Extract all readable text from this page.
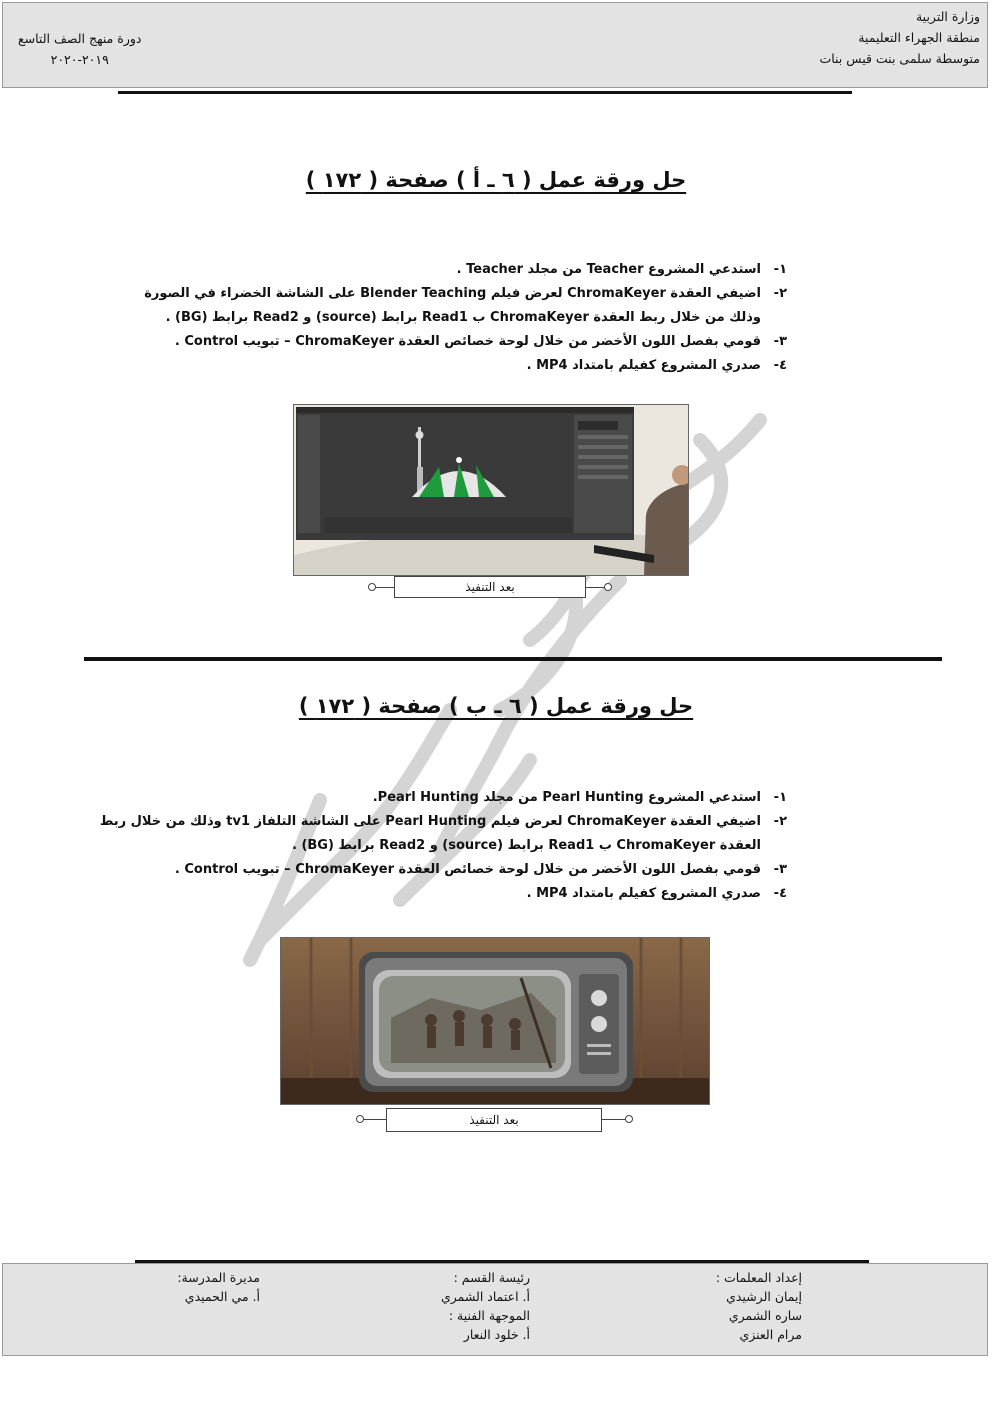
وزارة التربية
منطقة الجهراء التعليمية
متوسطة سلمى بنت قيس بنات
دورة منهج الصف التاسع
٢٠١٩-٢٠٢٠
حل ورقة عمل ( ٦ ـ أ ) صفحة ( ١٧٢ )
١-استدعي المشروع Teacher من مجلد Teacher .
٢-اضيفي العقدة ChromaKeyer لعرض فيلم Blender Teaching على الشاشة الخضراء في الصورة
وذلك من خلال ربط العقدة ChromaKeyer ب Read1 برابط (source) و Read2 برابط (BG) .
٣-قومي بفصل اللون الأخضر من خلال لوحة خصائص العقدة ChromaKeyer – تبويب Control .
٤-صدري المشروع كفيلم بامتداد MP4 .
بعد التنفيذ
حل ورقة عمل ( ٦ ـ ب ) صفحة ( ١٧٢ )
١-استدعي المشروع Pearl Hunting من مجلد Pearl Hunting.
٢-اضيفي العقدة ChromaKeyer لعرض فيلم Pearl Hunting على الشاشة التلفاز tv1 وذلك من خلال ربط
العقدة ChromaKeyer ب Read1 برابط (source) و Read2 برابط (BG) .
٣-قومي بفصل اللون الأخضر من خلال لوحة خصائص العقدة ChromaKeyer – تبويب Control .
٤-صدري المشروع كفيلم بامتداد MP4 .
بعد التنفيذ
إعداد المعلمات :
إيمان الرشيدي
ساره الشمري
مرام العنزي
رئيسة القسم :
أ. اعتماد الشمري
الموجهة الفنية :
أ. خلود النعار
مديرة المدرسة:
أ. مي الحميدي
